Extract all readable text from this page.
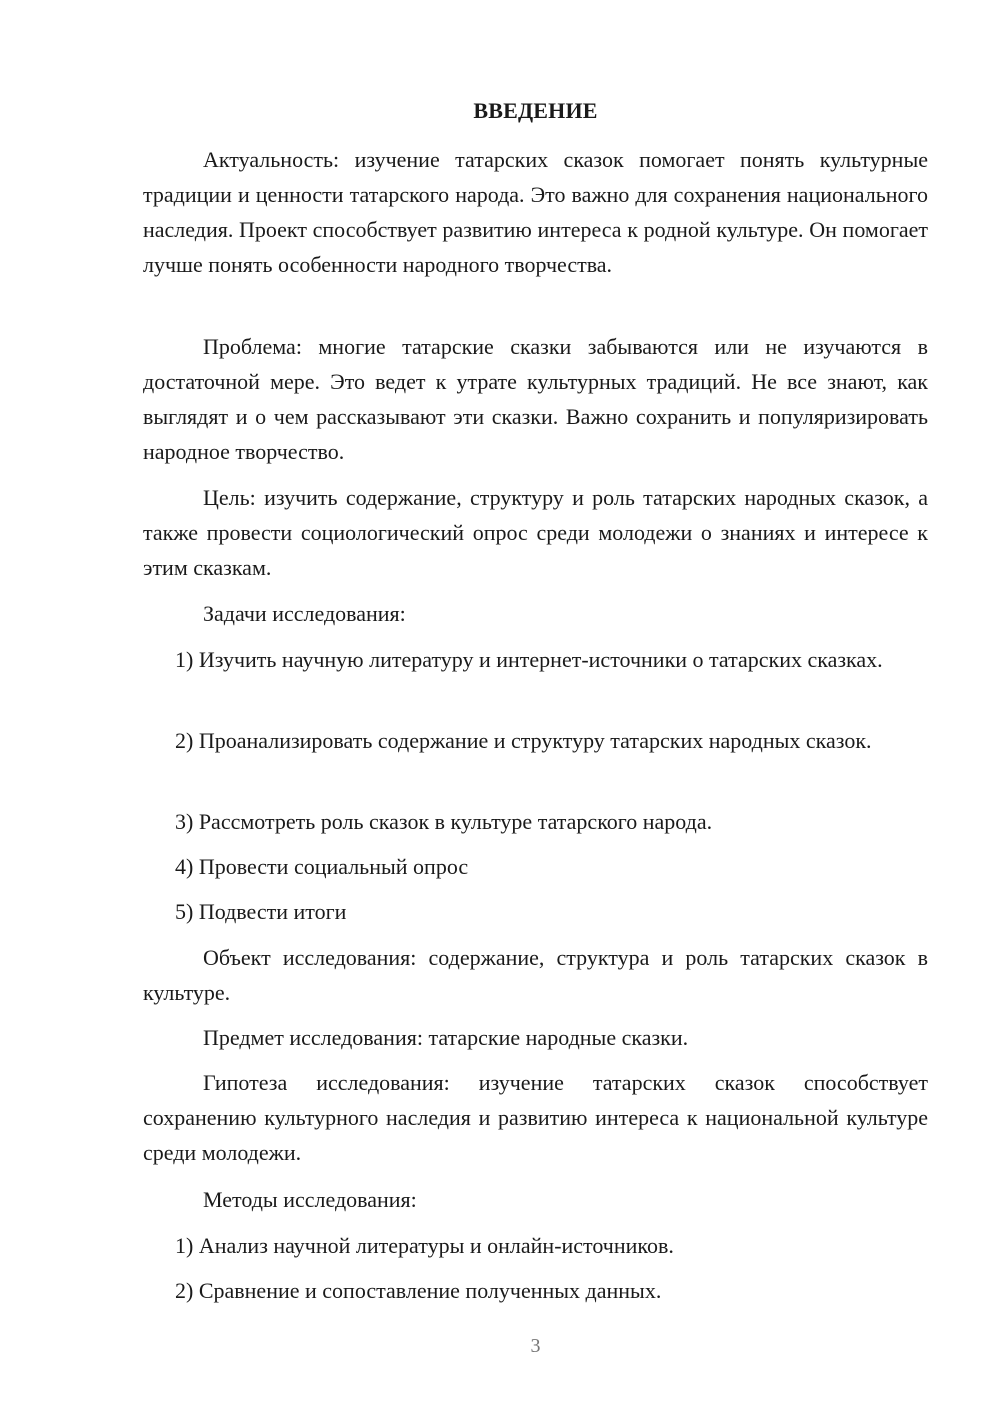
ВВЕДЕНИЕ
Актуальность: изучение татарских сказок помогает понять культурные традиции и ценности татарского народа. Это важно для сохранения национального наследия. Проект способствует развитию интереса к родной культуре. Он помогает лучше понять особенности народного творчества.
Проблема: многие татарские сказки забываются или не изучаются в достаточной мере. Это ведет к утрате культурных традиций. Не все знают, как выглядят и о чем рассказывают эти сказки. Важно сохранить и популяризировать народное творчество.
Цель: изучить содержание, структуру и роль татарских народных сказок, а также провести социологический опрос среди молодежи о знаниях и интересе к этим сказкам.
Задачи исследования:
1) Изучить научную литературу и интернет-источники о татарских сказках.
2) Проанализировать содержание и структуру татарских народных сказок.
3) Рассмотреть роль сказок в культуре татарского народа.
4) Провести социальный опрос
5) Подвести итоги
Объект исследования: содержание, структура и роль татарских сказок в культуре.
Предмет исследования: татарские народные сказки.
Гипотеза исследования: изучение татарских сказок способствует сохранению культурного наследия и развитию интереса к национальной культуре среди молодежи.
Методы исследования:
1) Анализ научной литературы и онлайн-источников.
2) Сравнение и сопоставление полученных данных.
3
